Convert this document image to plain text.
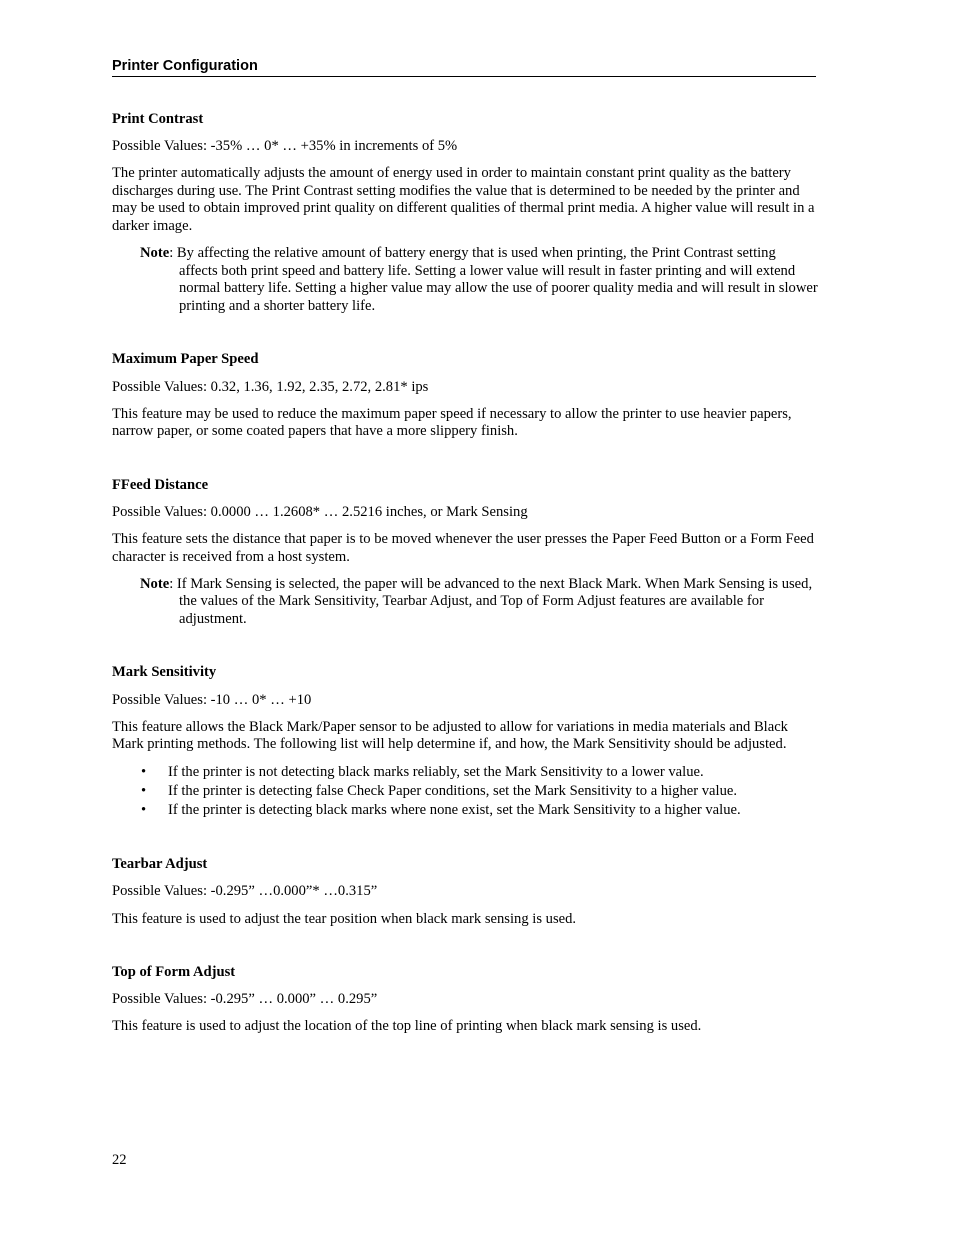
Printer Configuration

Print Contrast

Possible Values: -35% … 0* … +35% in increments of 5%

The printer automatically adjusts the amount of energy used in order to maintain constant print quality as the battery discharges during use. The Print Contrast setting modifies the value that is determined to be needed by the printer and may be used to obtain improved print quality on different qualities of thermal print media. A higher value will result in a darker image.

Note: By affecting the relative amount of battery energy that is used when printing, the Print Contrast setting affects both print speed and battery life. Setting a lower value will result in faster printing and will extend normal battery life. Setting a higher value may allow the use of poorer quality media and will result in slower printing and a shorter battery life.

Maximum Paper Speed

Possible Values: 0.32, 1.36, 1.92, 2.35, 2.72, 2.81* ips

This feature may be used to reduce the maximum paper speed if necessary to allow the printer to use heavier papers, narrow paper, or some coated papers that have a more slippery finish.

FFeed Distance

Possible Values: 0.0000 … 1.2608* … 2.5216 inches, or Mark Sensing

This feature sets the distance that paper is to be moved whenever the user presses the Paper Feed Button or a Form Feed character is received from a host system.

Note: If Mark Sensing is selected, the paper will be advanced to the next Black Mark. When Mark Sensing is used, the values of the Mark Sensitivity, Tearbar Adjust, and Top of Form Adjust features are available for adjustment.

Mark Sensitivity

Possible Values: -10 … 0* … +10

This feature allows the Black Mark/Paper sensor to be adjusted to allow for variations in media materials and Black Mark printing methods. The following list will help determine if, and how, the Mark Sensitivity should be adjusted.

• If the printer is not detecting black marks reliably, set the Mark Sensitivity to a lower value.
• If the printer is detecting false Check Paper conditions, set the Mark Sensitivity to a higher value.
• If the printer is detecting black marks where none exist, set the Mark Sensitivity to a higher value.

Tearbar Adjust

Possible Values: -0.295” …0.000”* …0.315”

This feature is used to adjust the tear position when black mark sensing is used.

Top of Form Adjust

Possible Values: -0.295” … 0.000” … 0.295”

This feature is used to adjust the location of the top line of printing when black mark sensing is used.

22
